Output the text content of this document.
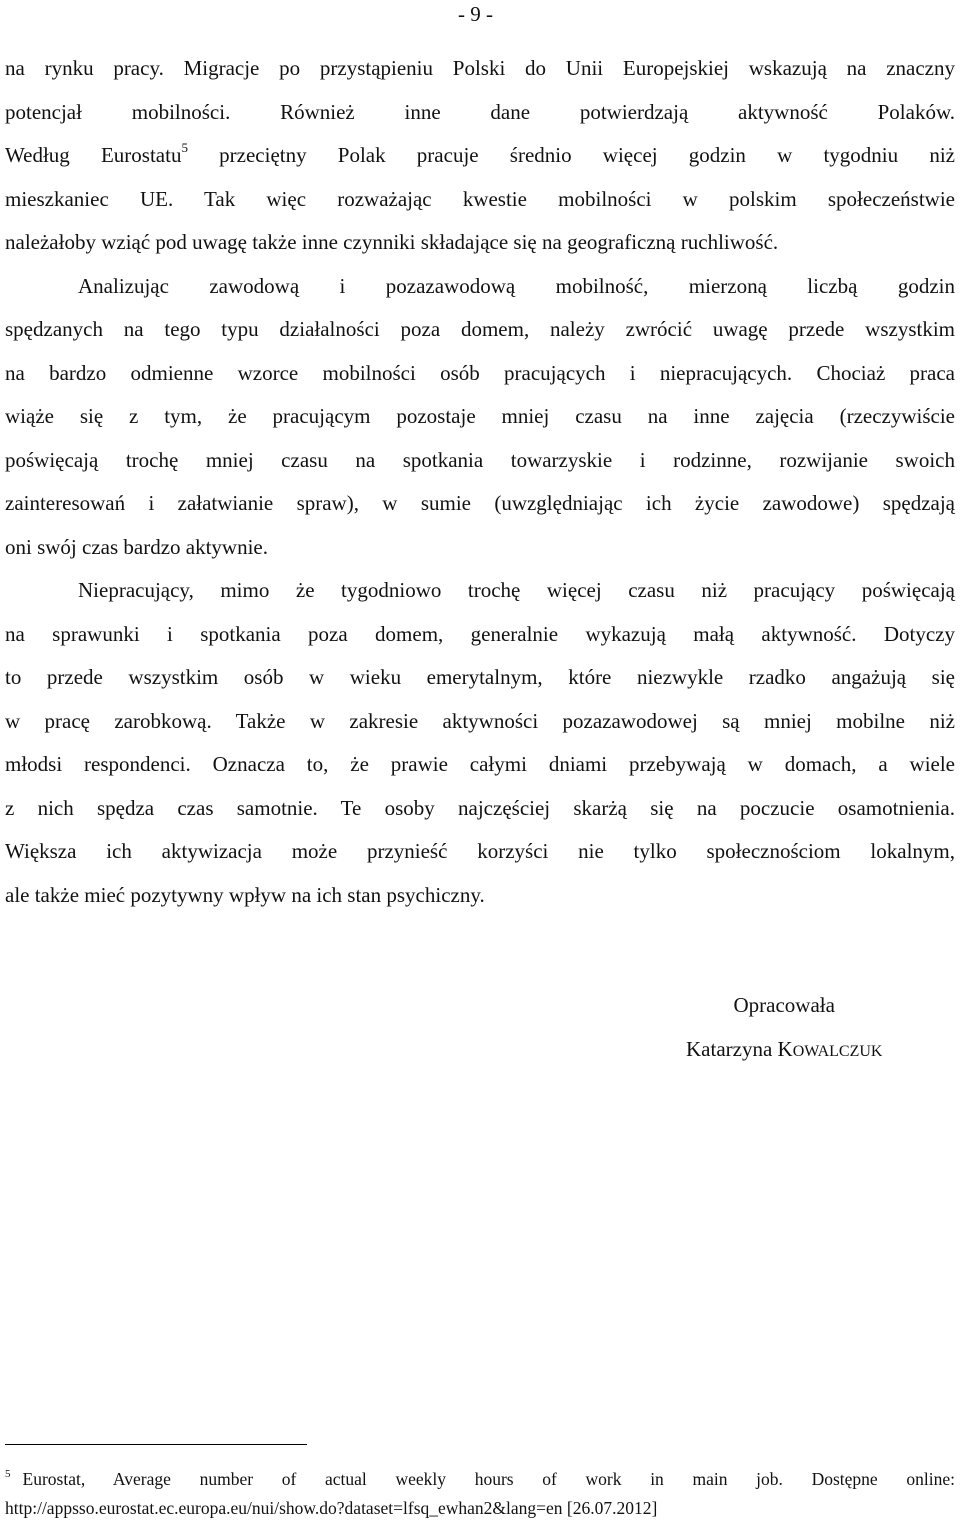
- 9 -
na rynku pracy. Migracje po przystąpieniu Polski do Unii Europejskiej wskazują na znaczny
potencjał mobilności. Również inne dane potwierdzają aktywność Polaków.
Według Eurostatu$^5$ przeciętny Polak pracuje średnio więcej godzin w tygodniu niż
mieszkaniec UE. Tak więc rozważając kwestie mobilności w polskim społeczeństwie
należałoby wziąć pod uwagę także inne czynniki składające się na geograficzną ruchliwość.
Analizując zawodową i pozazawodową mobilność, mierzoną liczbą godzin
spędzanych na tego typu działalności poza domem, należy zwrócić uwagę przede wszystkim
na bardzo odmienne wzorce mobilności osób pracujących i niepracujących. Chociaż praca
wiąże się z tym, że pracującym pozostaje mniej czasu na inne zajęcia (rzeczywiście
poświęcają trochę mniej czasu na spotkania towarzyskie i rodzinne, rozwijanie swoich
zainteresowań i załatwianie spraw), w sumie (uwzględniając ich życie zawodowe) spędzają
oni swój czas bardzo aktywnie.
Niepracujący, mimo że tygodniowo trochę więcej czasu niż pracujący poświęcają
na sprawunki i spotkania poza domem, generalnie wykazują małą aktywność. Dotyczy
to przede wszystkim osób w wieku emerytalnym, które niezwykle rzadko angażują się
w pracę zarobkową. Także w zakresie aktywności pozazawodowej są mniej mobilne niż
młodsi respondenci. Oznacza to, że prawie całymi dniami przebywają w domach, a wiele
z nich spędza czas samotnie. Te osoby najczęściej skarżą się na poczucie osamotnienia.
Większa ich aktywizacja może przynieść korzyści nie tylko społecznościom lokalnym,
ale także mieć pozytywny wpływ na ich stan psychiczny.
Opracowała
Katarzyna KOWALCZUK
$^5$ Eurostat, Average number of actual weekly hours of work in main job. Dostępne online:
http://appsso.eurostat.ec.europa.eu/nui/show.do?dataset=lfsq_ewhan2&lang=en [26.07.2012]
